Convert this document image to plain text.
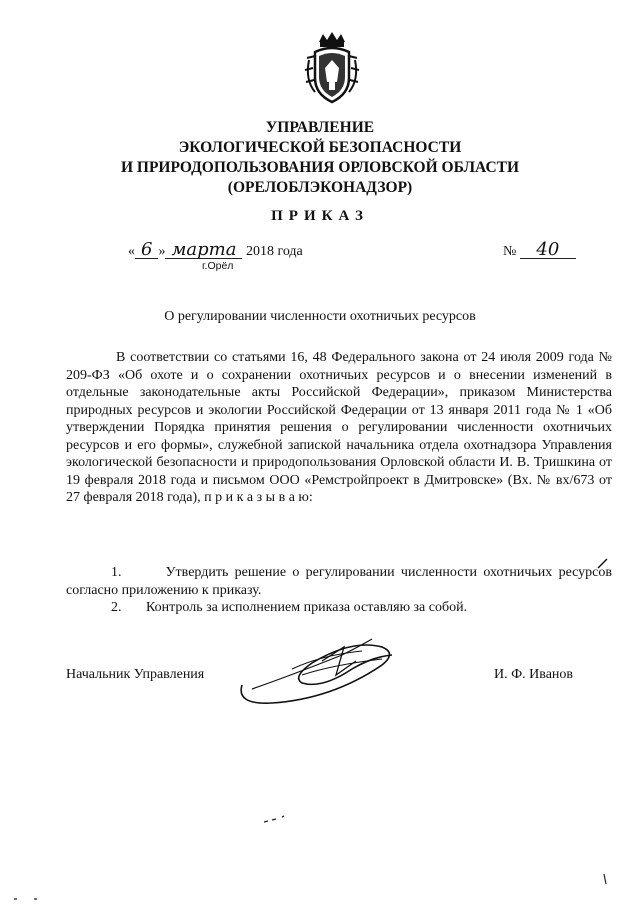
УПРАВЛЕНИЕ
ЭКОЛОГИЧЕСКОЙ БЕЗОПАСНОСТИ
И ПРИРОДОПОЛЬЗОВАНИЯ ОРЛОВСКОЙ ОБЛАСТИ
(ОРЕЛОБЛЭКОНАДЗОР)
ПРИКАЗ
« 6 » марта 2018 года
г.Орёл
№ 40
О регулировании численности охотничьих ресурсов
В соответствии со статьями 16, 48 Федерального закона от 24 июля 2009 года № 209-ФЗ «Об охоте и о сохранении охотничьих ресурсов и о внесении изменений в отдельные законодательные акты Российской Федерации», приказом Министерства природных ресурсов и экологии Российской Федерации от 13 января 2011 года № 1 «Об утверждении Порядка принятия решения о регулировании численности охотничьих ресурсов и его формы», служебной запиской начальника отдела охотнадзора Управления экологической безопасности и природопользования Орловской области И. В. Тришкина от 19 февраля 2018 года и письмом ООО «Ремстройпроект в Дмитровске» (Вх. № вх/673 от 27 февраля 2018 года), п р и к а з ы в а ю:

1.	Утвердить решение о регулировании численности охотничьих ресурсов согласно приложению к приказу.

2. Контроль за исполнением приказа оставляю за собой.

Начальник Управления	И. Ф. Иванов
